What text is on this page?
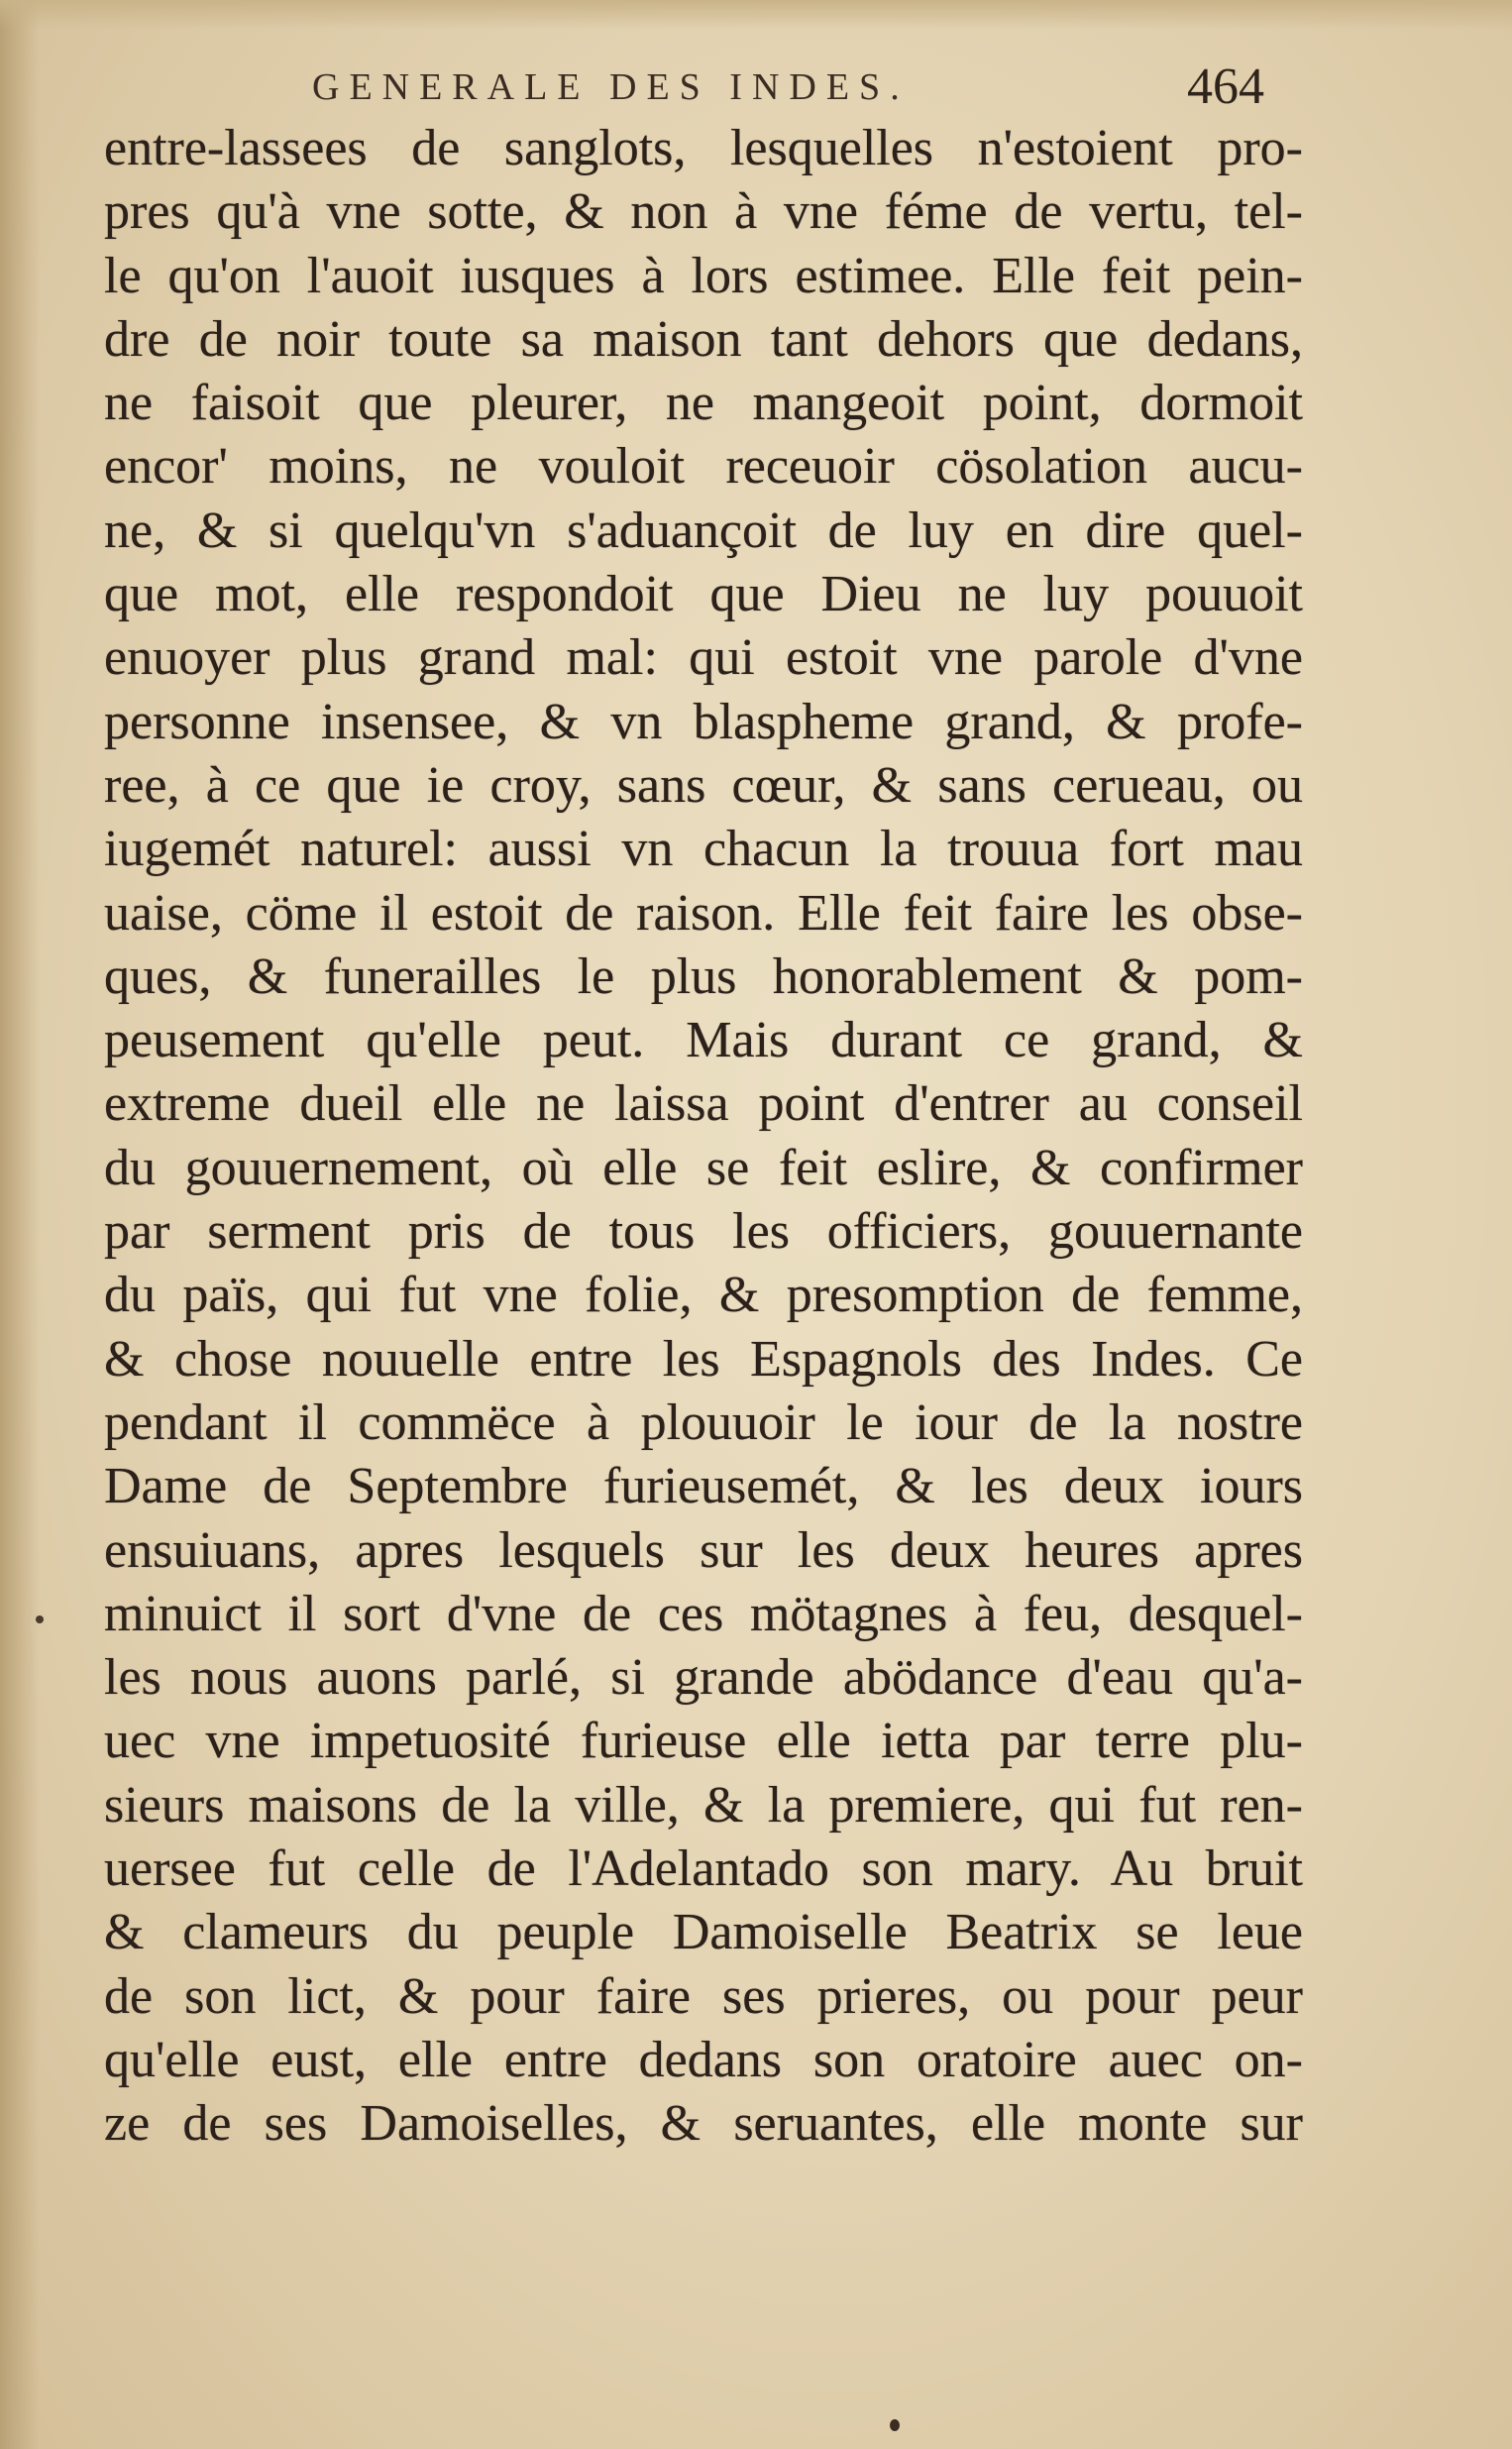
GENERALE DES INDES.	464
entre-lassees de sanglots, lesquelles n'estoient pro-
pres qu'à vne sotte, & non à vne féme de vertu, tel-
le qu'on l'auoit iusques à lors estimee. Elle feit pein-
dre de noir toute sa maison tant dehors que dedans,
ne faisoit que pleurer, ne mangeoit point, dormoit
encor' moins, ne vouloit receuoir cösolation aucu-
ne, & si quelqu'vn s'aduançoit de luy en dire quel-
que mot, elle respondoit que Dieu ne luy pouuoit
enuoyer plus grand mal: qui estoit vne parole d'vne
personne insensee, & vn blaspheme grand, & profe-
ree, à ce que ie croy, sans cœur, & sans cerueau, ou
iugemét naturel: aussi vn chacun la trouua fort mau
uaise, cöme il estoit de raison. Elle feit faire les obse-
ques, & funerailles le plus honorablement & pom-
peusement qu'elle peut. Mais durant ce grand, &
extreme dueil elle ne laissa point d'entrer au conseil
du gouuernement, où elle se feit eslire, & confirmer
par serment pris de tous les officiers, gouuernante
du païs, qui fut vne folie, & presomption de femme,
& chose nouuelle entre les Espagnols des Indes. Ce
pendant il commëce à plouuoir le iour de la nostre
Dame de Septembre furieusemét, & les deux iours
ensuiuans, apres lesquels sur les deux heures apres
minuict il sort d'vne de ces mötagnes à feu, desquel-
les nous auons parlé, si grande abödance d'eau qu'a-
uec vne impetuosité furieuse elle ietta par terre plu-
sieurs maisons de la ville, & la premiere, qui fut ren-
uersee fut celle de l'Adelantado son mary. Au bruit
& clameurs du peuple Damoiselle Beatrix se leue
de son lict, & pour faire ses prieres, ou pour peur
qu'elle eust, elle entre dedans son oratoire auec on-
ze de ses Damoiselles, & seruantes, elle monte sur
